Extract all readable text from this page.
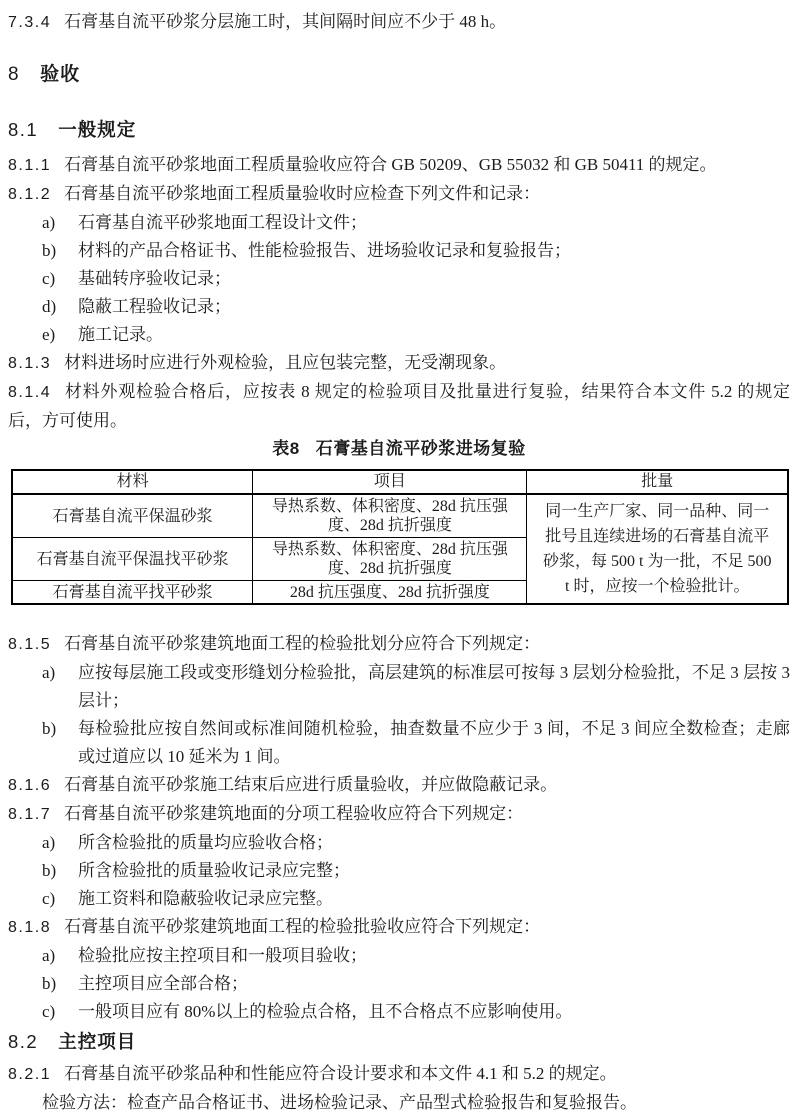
7.3.4 石膏基自流平砂浆分层施工时，其间隔时间应不少于 48 h。
8 验收
8.1 一般规定
8.1.1 石膏基自流平砂浆地面工程质量验收应符合 GB 50209、GB 55032 和 GB 50411 的规定。
8.1.2 石膏基自流平砂浆地面工程质量验收时应检查下列文件和记录：
a) 石膏基自流平砂浆地面工程设计文件；
b) 材料的产品合格证书、性能检验报告、进场验收记录和复验报告；
c) 基础转序验收记录；
d) 隐蔽工程验收记录；
e) 施工记录。
8.1.3 材料进场时应进行外观检验，且应包装完整，无受潮现象。
8.1.4 材料外观检验合格后，应按表 8 规定的检验项目及批量进行复验，结果符合本文件 5.2 的规定后，方可使用。
表8 石膏基自流平砂浆进场复验
材料	项目	批量
石膏基自流平保温砂浆	导热系数、体积密度、28d 抗压强度、28d 抗折强度	同一生产厂家、同一品种、同一批号且连续进场的石膏基自流平砂浆，每 500 t 为一批，不足 500 t 时，应按一个检验批计。
石膏基自流平保温找平砂浆	导热系数、体积密度、28d 抗压强度、28d 抗折强度	
石膏基自流平找平砂浆	28d 抗压强度、28d 抗折强度	
8.1.5 石膏基自流平砂浆建筑地面工程的检验批划分应符合下列规定：
a) 应按每层施工段或变形缝划分检验批，高层建筑的标准层可按每 3 层划分检验批，不足 3 层按 3 层计；
b) 每检验批应按自然间或标准间随机检验，抽查数量不应少于 3 间，不足 3 间应全数检查；走廊或过道应以 10 延米为 1 间。
8.1.6 石膏基自流平砂浆施工结束后应进行质量验收，并应做隐蔽记录。
8.1.7 石膏基自流平砂浆建筑地面的分项工程验收应符合下列规定：
a) 所含检验批的质量均应验收合格；
b) 所含检验批的质量验收记录应完整；
c) 施工资料和隐蔽验收记录应完整。
8.1.8 石膏基自流平砂浆建筑地面工程的检验批验收应符合下列规定：
a) 检验批应按主控项目和一般项目验收；
b) 主控项目应全部合格；
c) 一般项目应有 80%以上的检验点合格，且不合格点不应影响使用。
8.2 主控项目
8.2.1 石膏基自流平砂浆品种和性能应符合设计要求和本文件 4.1 和 5.2 的规定。
检验方法：检查产品合格证书、进场检验记录、产品型式检验报告和复验报告。
